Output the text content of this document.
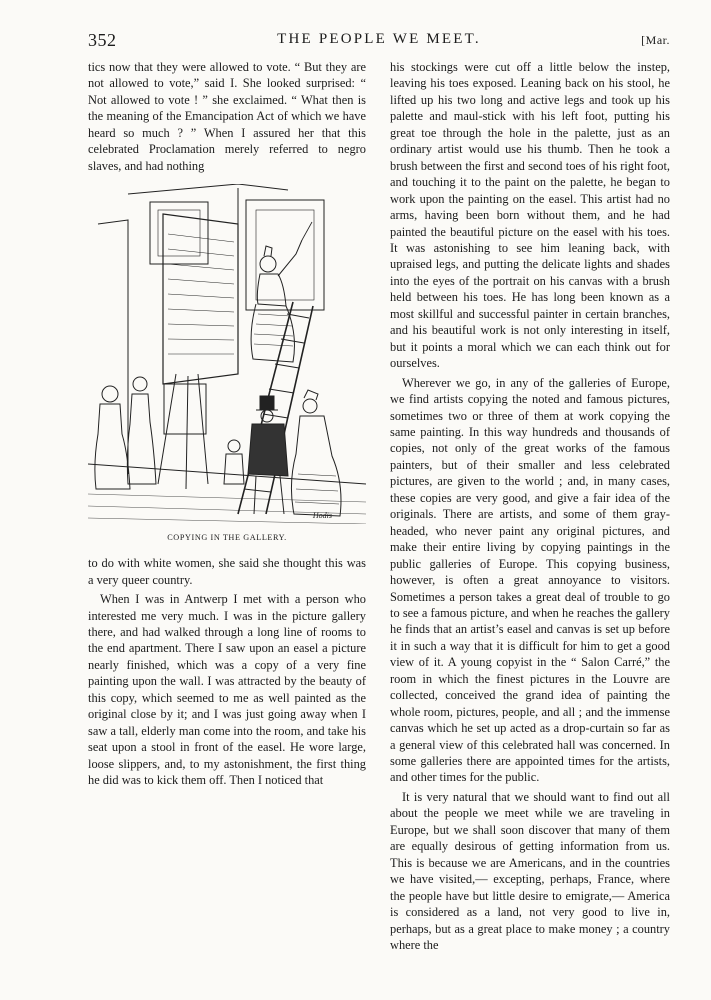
352	THE PEOPLE WE MEET.	[Mar.

tics now that they were allowed to vote. “ But they are not allowed to vote,” said I. She looked surprised: “ Not allowed to vote ! ” she exclaimed. “ What then is the meaning of the Emancipation Act of which we have heard so much ? ” When I assured her that this celebrated Proclamation merely referred to negro slaves, and had nothing

Hodis
COPYING IN THE GALLERY.

to do with white women, she said she thought this was a very queer country.

When I was in Antwerp I met with a person who interested me very much. I was in the picture gallery there, and had walked through a long line of rooms to the end apartment. There I saw upon an easel a picture nearly finished, which was a copy of a very fine painting upon the wall. I was attracted by the beauty of this copy, which seemed to me as well painted as the original close by it; and I was just going away when I saw a tall, elderly man come into the room, and take his seat upon a stool in front of the easel. He wore large, loose slippers, and, to my astonishment, the first thing he did was to kick them off. Then I noticed that

his stockings were cut off a little below the instep, leaving his toes exposed. Leaning back on his stool, he lifted up his two long and active legs and took up his palette and maul-stick with his left foot, putting his great toe through the hole in the palette, just as an ordinary artist would use his thumb. Then he took a brush between the first and second toes of his right foot, and touching it to the paint on the palette, he began to work upon the painting on the easel. This artist had no arms, having been born without them, and he had painted the beautiful picture on the easel with his toes. It was astonishing to see him leaning back, with upraised legs, and putting the delicate lights and shades into the eyes of the portrait on his canvas with a brush held between his toes. He has long been known as a most skillful and successful painter in certain branches, and his beautiful work is not only interesting in itself, but it points a moral which we can each think out for ourselves.

Wherever we go, in any of the galleries of Europe, we find artists copying the noted and famous pictures, sometimes two or three of them at work copying the same painting. In this way hundreds and thousands of copies, not only of the great works of the famous painters, but of their smaller and less celebrated pictures, are given to the world ; and, in many cases, these copies are very good, and give a fair idea of the originals. There are artists, and some of them gray-headed, who never paint any original pictures, and make their entire living by copying paintings in the public galleries of Europe. This copying business, however, is often a great annoyance to visitors. Sometimes a person takes a great deal of trouble to go to see a famous picture, and when he reaches the gallery he finds that an artist’s easel and canvas is set up before it in such a way that it is difficult for him to get a good view of it. A young copyist in the “ Salon Carré,” the room in which the finest pictures in the Louvre are collected, conceived the grand idea of painting the whole room, pictures, people, and all ; and the immense canvas which he set up acted as a drop-curtain so far as a general view of this celebrated hall was concerned. In some galleries there are appointed times for the artists, and other times for the public.

It is very natural that we should want to find out all about the people we meet while we are traveling in Europe, but we shall soon discover that many of them are equally desirous of getting information from us. This is because we are Americans, and in the countries we have visited,— excepting, perhaps, France, where the people have but little desire to emigrate,— America is considered as a land, not very good to live in, perhaps, but as a great place to make money ; a country where the
